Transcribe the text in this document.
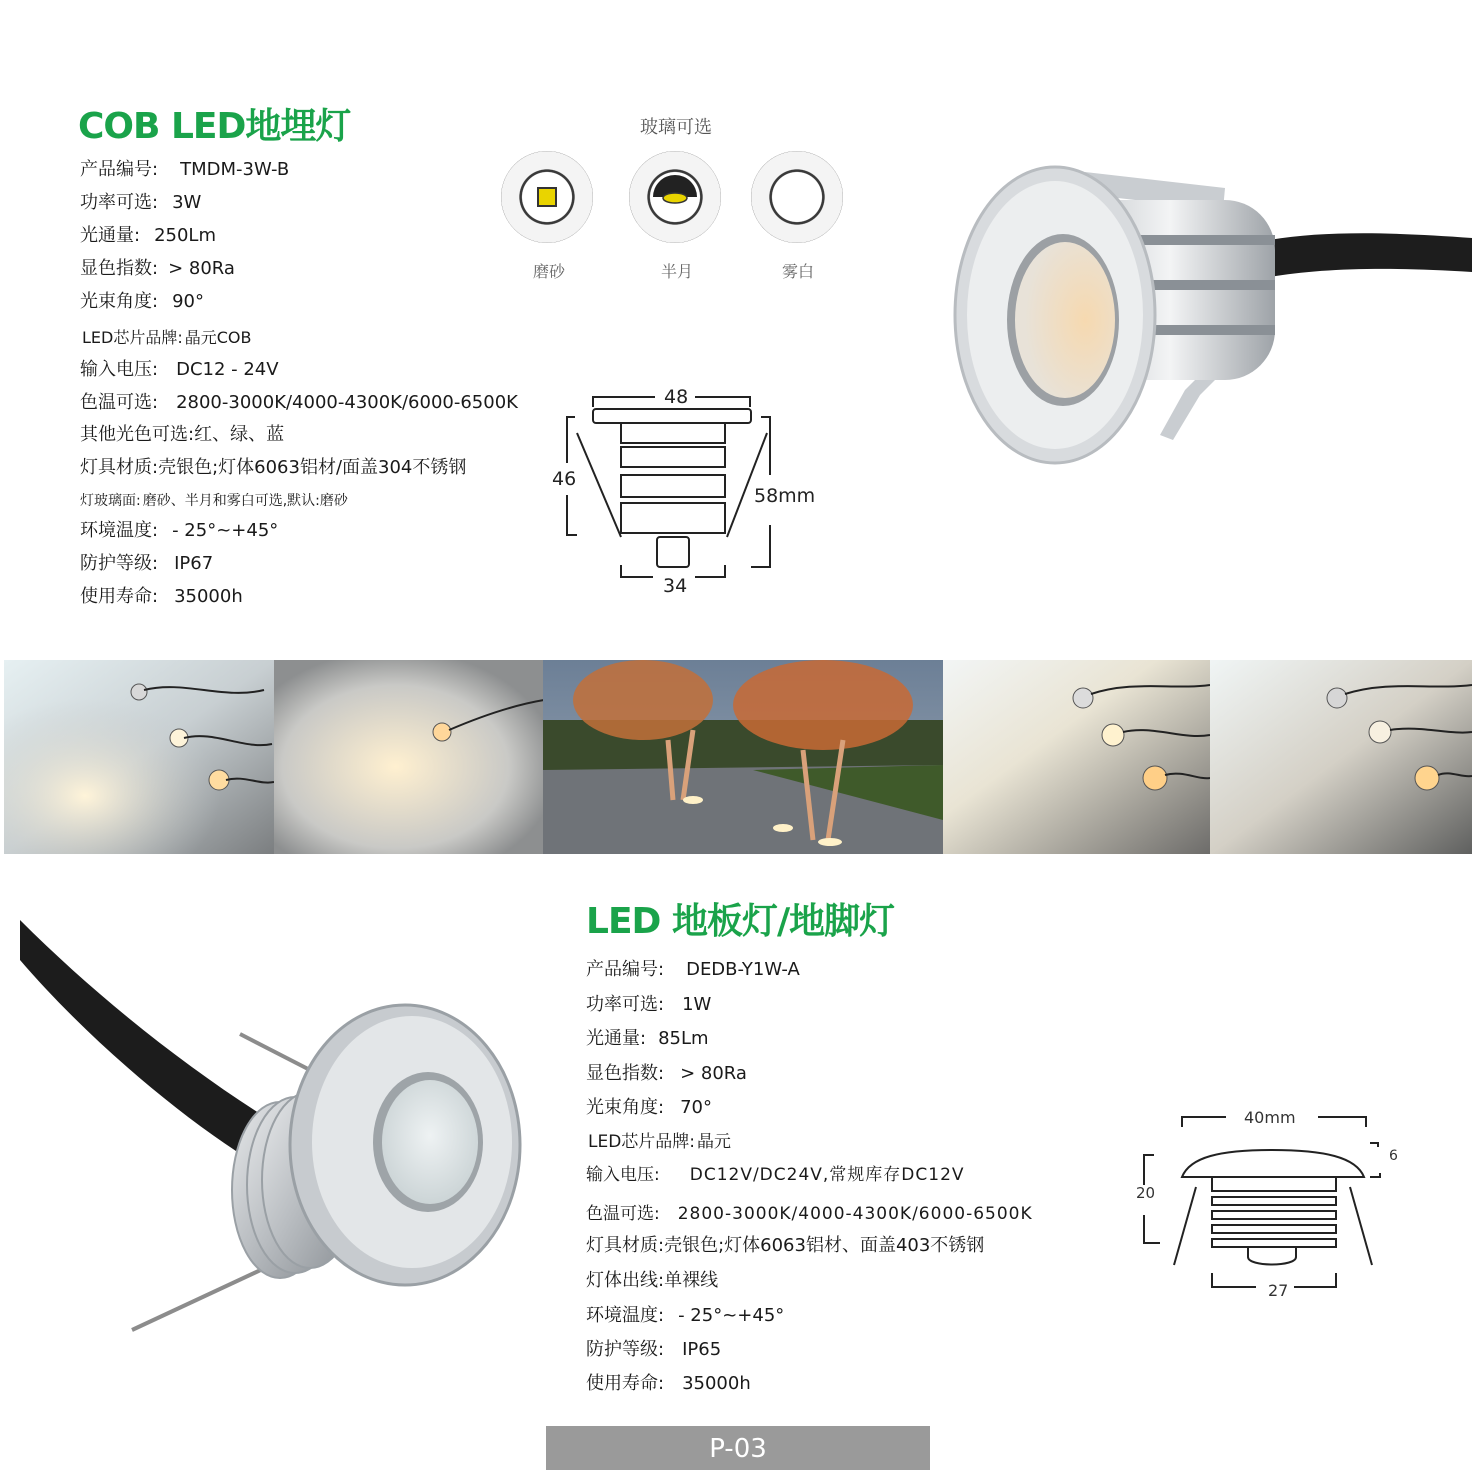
COB LED地埋灯
产品编号: TMDM-3W-B
功率可选: 3W
光通量: 250Lm
显色指数: > 80Ra
光束角度: 90°
LED芯片品牌: 晶元COB
输入电压: DC12 - 24V
色温可选: 2800-3000K/4000-4300K/6000-6500K
其他光色可选:红、绿、蓝
灯具材质:壳银色;灯体6063铝材/面盖304不锈钢
灯玻璃面: 磨砂、半月和雾白可选,默认:磨砂
环境温度: - 25°~+45°
防护等级: IP67
使用寿命: 35000h
玻璃可选
磨砂	半月	雾白
48
46
58mm
34
LED 地板灯/地脚灯
产品编号: DEDB-Y1W-A
功率可选: 1W
光通量: 85Lm
显色指数: > 80Ra
光束角度: 70°
LED芯片品牌: 晶元
输入电压: DC12V/DC24V,常规库存DC12V
色温可选: 2800-3000K/4000-4300K/6000-6500K
灯具材质:壳银色;灯体6063铝材、面盖403不锈钢
灯体出线:单裸线
环境温度: - 25°~+45°
防护等级: IP65
使用寿命: 35000h
40mm
6
20
27
P-03
